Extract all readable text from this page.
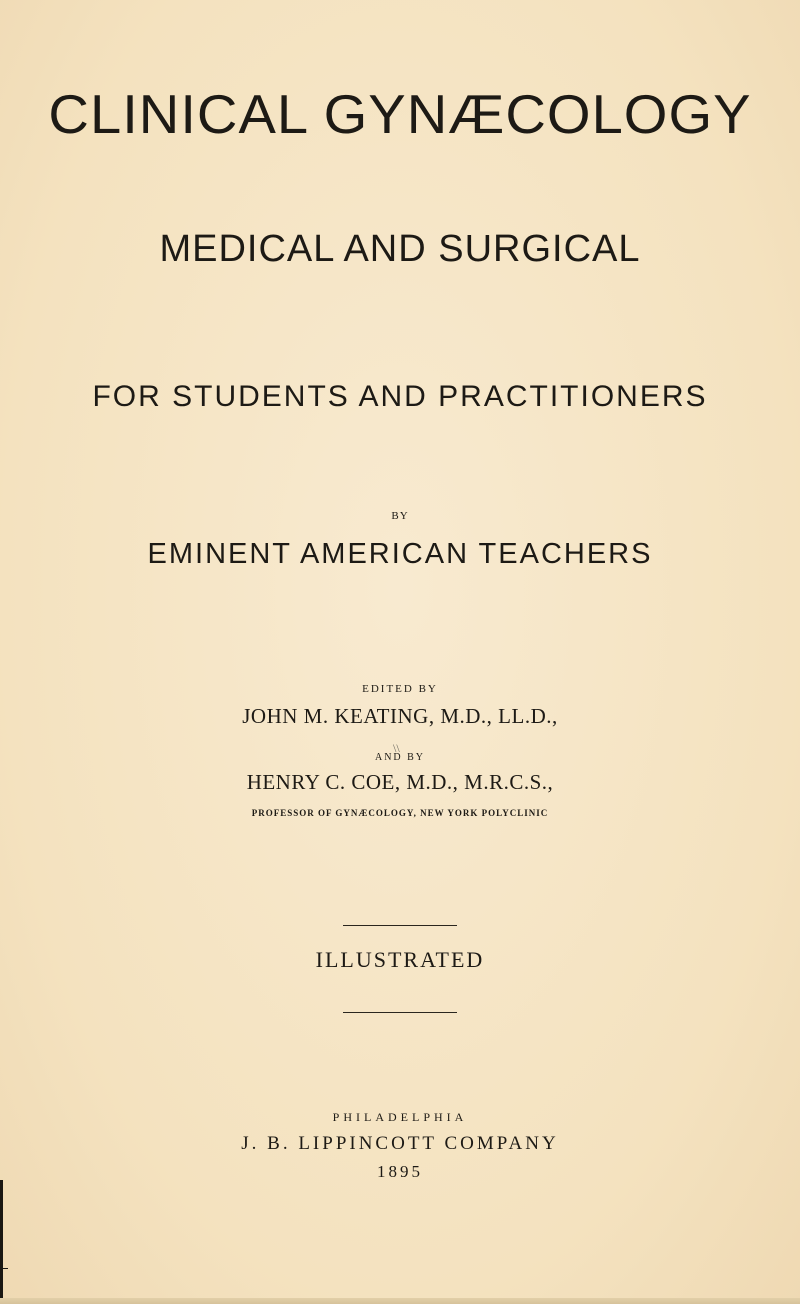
CLINICAL GYNÆCOLOGY
MEDICAL AND SURGICAL
FOR STUDENTS AND PRACTITIONERS
BY
EMINENT AMERICAN TEACHERS
EDITED BY
JOHN M. KEATING, M.D., LL.D.,
\\
AND BY
HENRY C. COE, M.D., M.R.C.S.,
PROFESSOR OF GYNÆCOLOGY, NEW YORK POLYCLINIC
ILLUSTRATED
PHILADELPHIA
J. B. LIPPINCOTT COMPANY
1895
